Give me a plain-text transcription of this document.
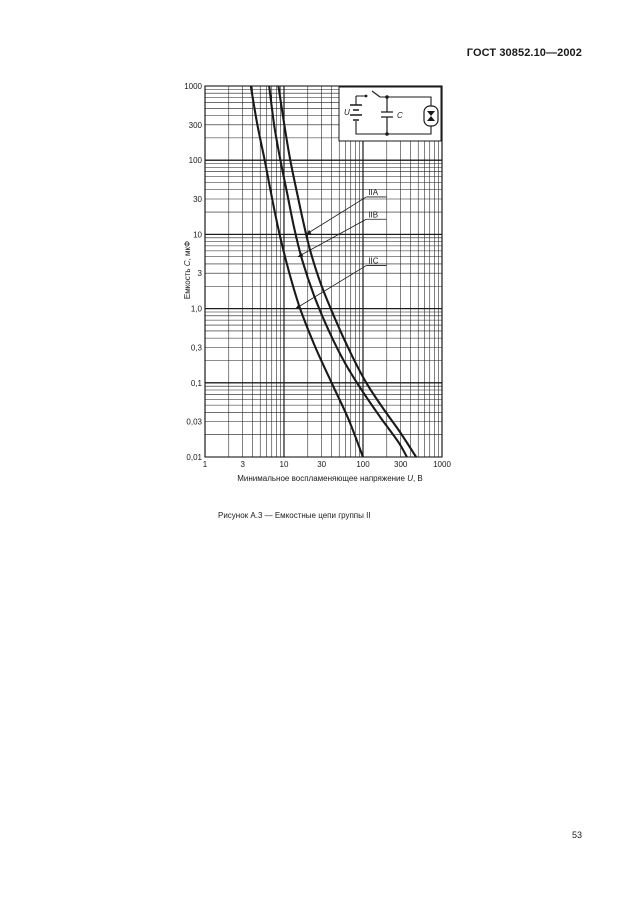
ГОСТ 30852.10—2002
1	3	10	30	100	300	1000
0,01
0,03
0,1
0,3
1,0
3
10
30
100
300
1000
IIA
IIB
IIC
Минимальное воспламеняющее напряжение U, В
Емкость C, мкФ
U	C
Рисунок А.3 — Емкостные цепи группы II
53
